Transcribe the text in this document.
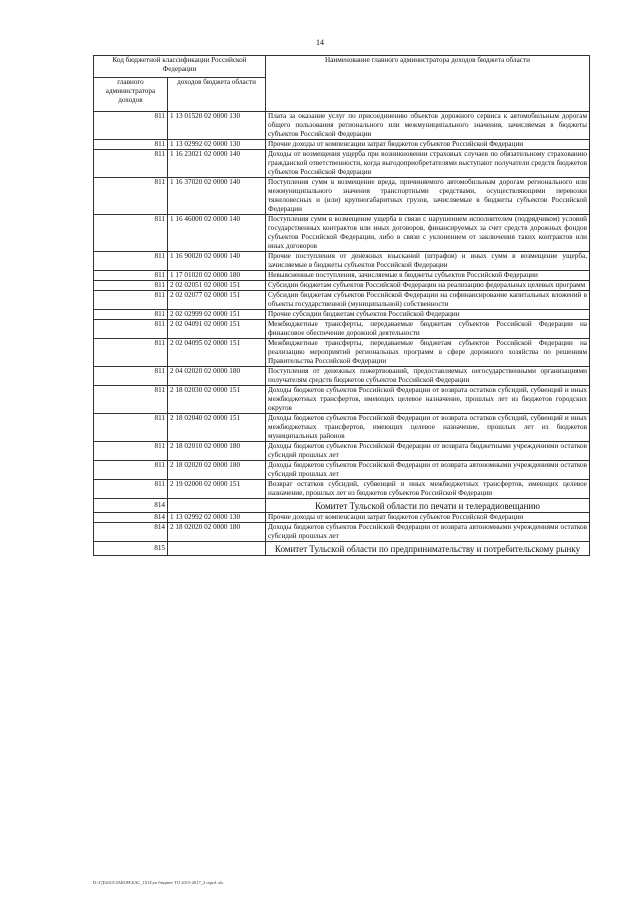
14
Код бюджетной классификации Российской Федерации		Наименование главного администратора доходов бюджета области
главного администратора доходов	доходов бюджета области	
811	1 13 01520 02 0000 130	Плата за оказание услуг по присоединению объектов дорожного сервиса к автомобильным дорогам общего пользования регионального или межмуниципального значения, зачисляемая в бюджеты субъектов Российской Федерации
811	1 13 02992 02 0000 130	Прочие доходы от компенсации затрат бюджетов субъектов Российской Федерации
811	1 16 23021 02 0000 140	Доходы от возмещения ущерба при возникновении страховых случаев по обязательному страхованию гражданской ответственности, когда выгодоприобретателями выступают получатели средств бюджетов субъектов Российской Федерации
811	1 16 37020 02 0000 140	Поступления сумм в возмещение вреда, причиняемого автомобильным дорогам регионального или межмуниципального значения транспортными средствами, осуществляющими перевозки тяжеловесных и (или) крупногабаритных грузов, зачисляемые в бюджеты субъектов Российской Федерации
811	1 16 46000 02 0000 140	Поступления сумм в возмещение ущерба в связи с нарушением исполнителем (подрядчиком) условий государственных контрактов или иных договоров, финансируемых за счет средств дорожных фондов субъектов Российской Федерации, либо в связи с уклонением от заключения таких контрактов или иных договоров
811	1 16 90020 02 0000 140	Прочие поступления от денежных взысканий (штрафов) и иных сумм в возмещение ущерба, зачисляемые в бюджеты субъектов Российской Федерации
811	1 17 01020 02 0000 180	Невыясненные поступления, зачисляемые в бюджеты субъектов Российской Федерации
811	2 02 02051 02 0000 151	Субсидии бюджетам субъектов Российской Федерации на реализацию федеральных целевых программ
811	2 02 02077 02 0000 151	Субсидии бюджетам субъектов Российской Федерации на софинансирование капитальных вложений в объекты государственной (муниципальной) собственности
811	2 02 02999 02 0000 151	Прочие субсидии бюджетам субъектов Российской Федерации
811	2 02 04091 02 0000 151	Межбюджетные трансферты, передаваемые бюджетам субъектов Российской Федерации на финансовое обеспечение дорожной деятельности
811	2 02 04095 02 0000 151	Межбюджетные трансферты, передаваемые бюджетам субъектов Российской Федерации на реализацию мероприятий региональных программ в сфере дорожного хозяйства по решениям Правительства Российской Федерации
811	2 04 02020 02 0000 180	Поступления от денежных пожертвований, предоставляемых негосударственными организациями получателям средств бюджетов субъектов Российской Федерации
811	2 18 02030 02 0000 151	Доходы бюджетов субъектов Российской Федерации от возврата остатков субсидий, субвенций и иных межбюджетных трансфертов, имеющих целевое назначение, прошлых лет из бюджетов городских округов
811	2 18 02040 02 0000 151	Доходы бюджетов субъектов Российской Федерации от возврата остатков субсидий, субвенций и иных межбюджетных трансфертов, имеющих целевое назначение, прошлых лет из бюджетов муниципальных районов
811	2 18 02010 02 0000 180	Доходы бюджетов субъектов Российской Федерации от возврата бюджетными учреждениями остатков субсидий прошлых лет
811	2 18 02020 02 0000 180	Доходы бюджетов субъектов Российской Федерации от возврата автономными учреждениями остатков субсидий прошлых лет
811	2 19 02000 02 0000 151	Возврат остатков субсидий, субвенций и иных межбюджетных трансфертов, имеющих целевое назначение, прошлых лет из бюджетов субъектов Российской Федерации
814		Комитет Тульской области по печати и телерадиовещанию
814	1 13 02992 02 0000 130	Прочие доходы от компенсации затрат бюджетов субъектов Российской Федерации
814	2 18 02020 02 0000 180	Доходы бюджетов субъектов Российской Федерации от возврата автономными учреждениями остатков субсидий прошлых лет
815		Комитет Тульской области по предпринимательству и потребительскому рынку
D:\ГД\2015\ЗАКОН\БАС_1014\ук бюджет ТО 2015-2017_2 п\рп1.xls
